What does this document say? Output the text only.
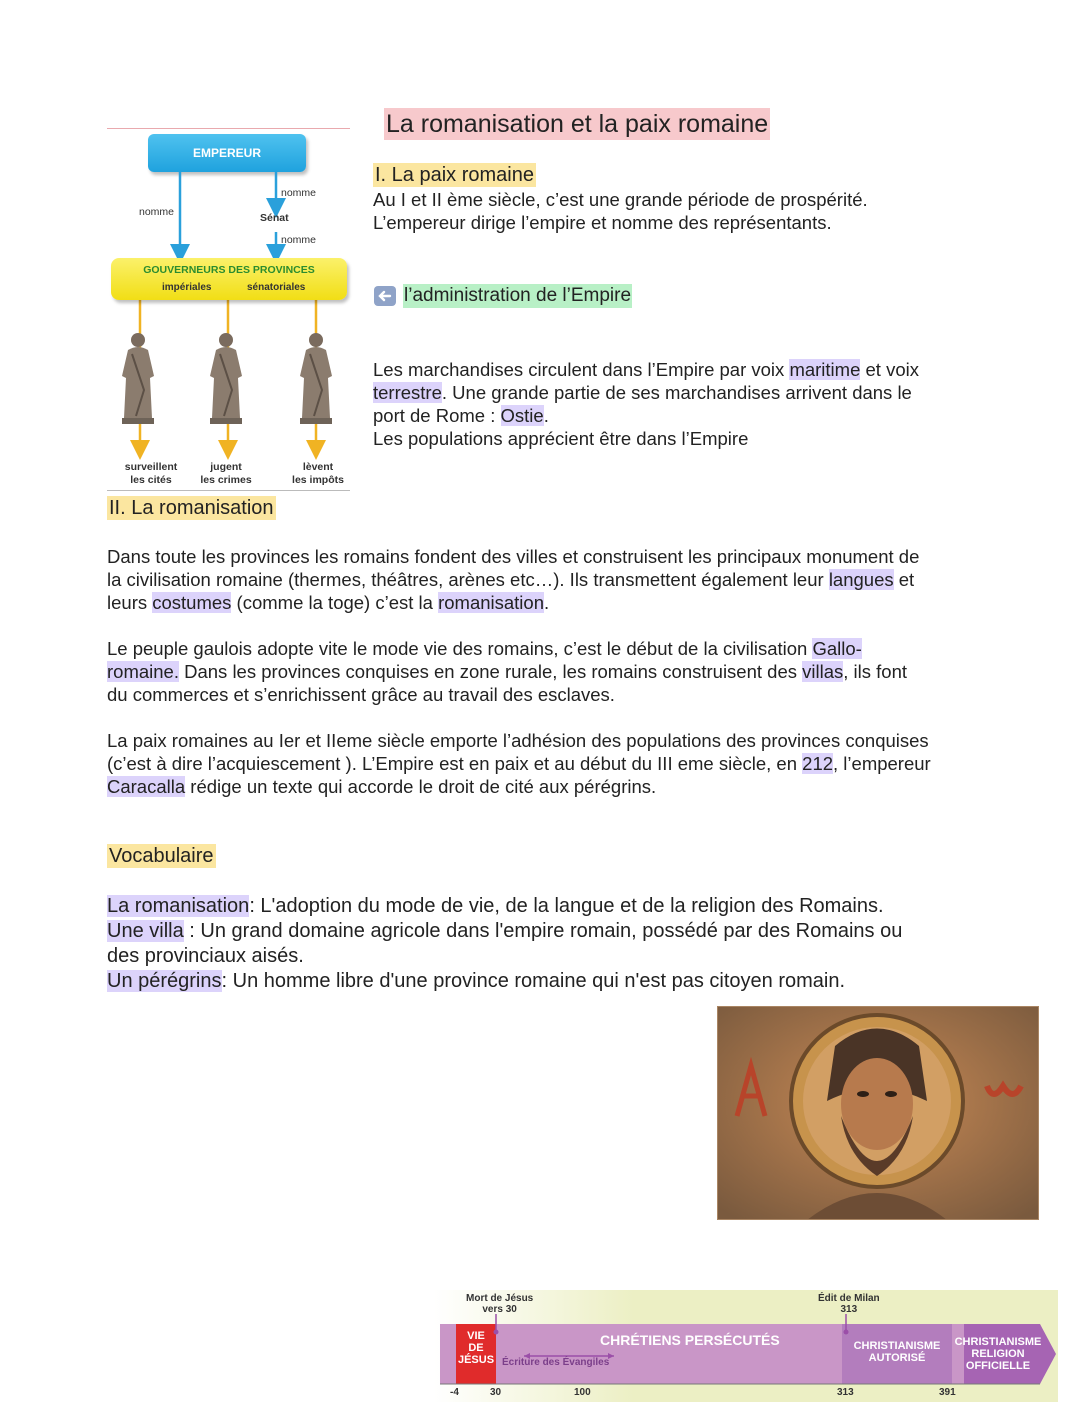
La romanisation et la paix romaine
EMPEREUR
nomme
nomme
Sénat
nomme
GOUVERNEURS DES PROVINCES
impériales	sénatoriales
surveillent
les cités
jugent
les crimes
lèvent
les impôts
I. La paix romaine
Au I et II ème siècle, c’est une grande période de prospérité.
L’empereur dirige l’empire et nomme des représentants.
l’administration de l’Empire
Les marchandises circulent dans l’Empire par voix maritime et voix
terrestre. Une grande partie de ses marchandises arrivent dans le
port de Rome : Ostie.
Les populations apprécient être dans l’Empire
II. La romanisation
Dans toute les provinces les romains fondent des villes et construisent les principaux monument de
la civilisation romaine (thermes, théâtres, arènes etc…). Ils transmettent également leur langues et
leurs costumes (comme la toge) c’est la romanisation.
Le peuple gaulois adopte vite le mode vie des romains, c’est le début de la civilisation Gallo-
romaine. Dans les provinces conquises en zone rurale, les romains construisent des villas, ils font
du commerces et s’enrichissent grâce au travail des esclaves.
La paix romaines au Ier et IIeme siècle emporte l’adhésion des populations des provinces conquises
(c’est à dire l’acquiescement ). L’Empire est en paix et au début du III eme siècle, en 212, l’empereur
Caracalla rédige un texte qui accorde le droit de cité aux pérégrins.
Vocabulaire
La romanisation: L'adoption du mode de vie, de la langue et de la religion des Romains.
Une villa : Un grand domaine agricole dans l'empire romain, possédé par des Romains ou
des provinciaux aisés.
Un pérégrins: Un homme libre d'une province romaine qui n'est pas citoyen romain.
Mort de Jésus
vers 30
Édit de Milan
313
VIE
DE
JÉSUS
CHRÉTIENS PERSÉCUTÉS
Écriture des Évangiles
CHRISTIANISME
AUTORISÉ
CHRISTIANISME
RELIGION
OFFICIELLE
-4	30	100	313	391
